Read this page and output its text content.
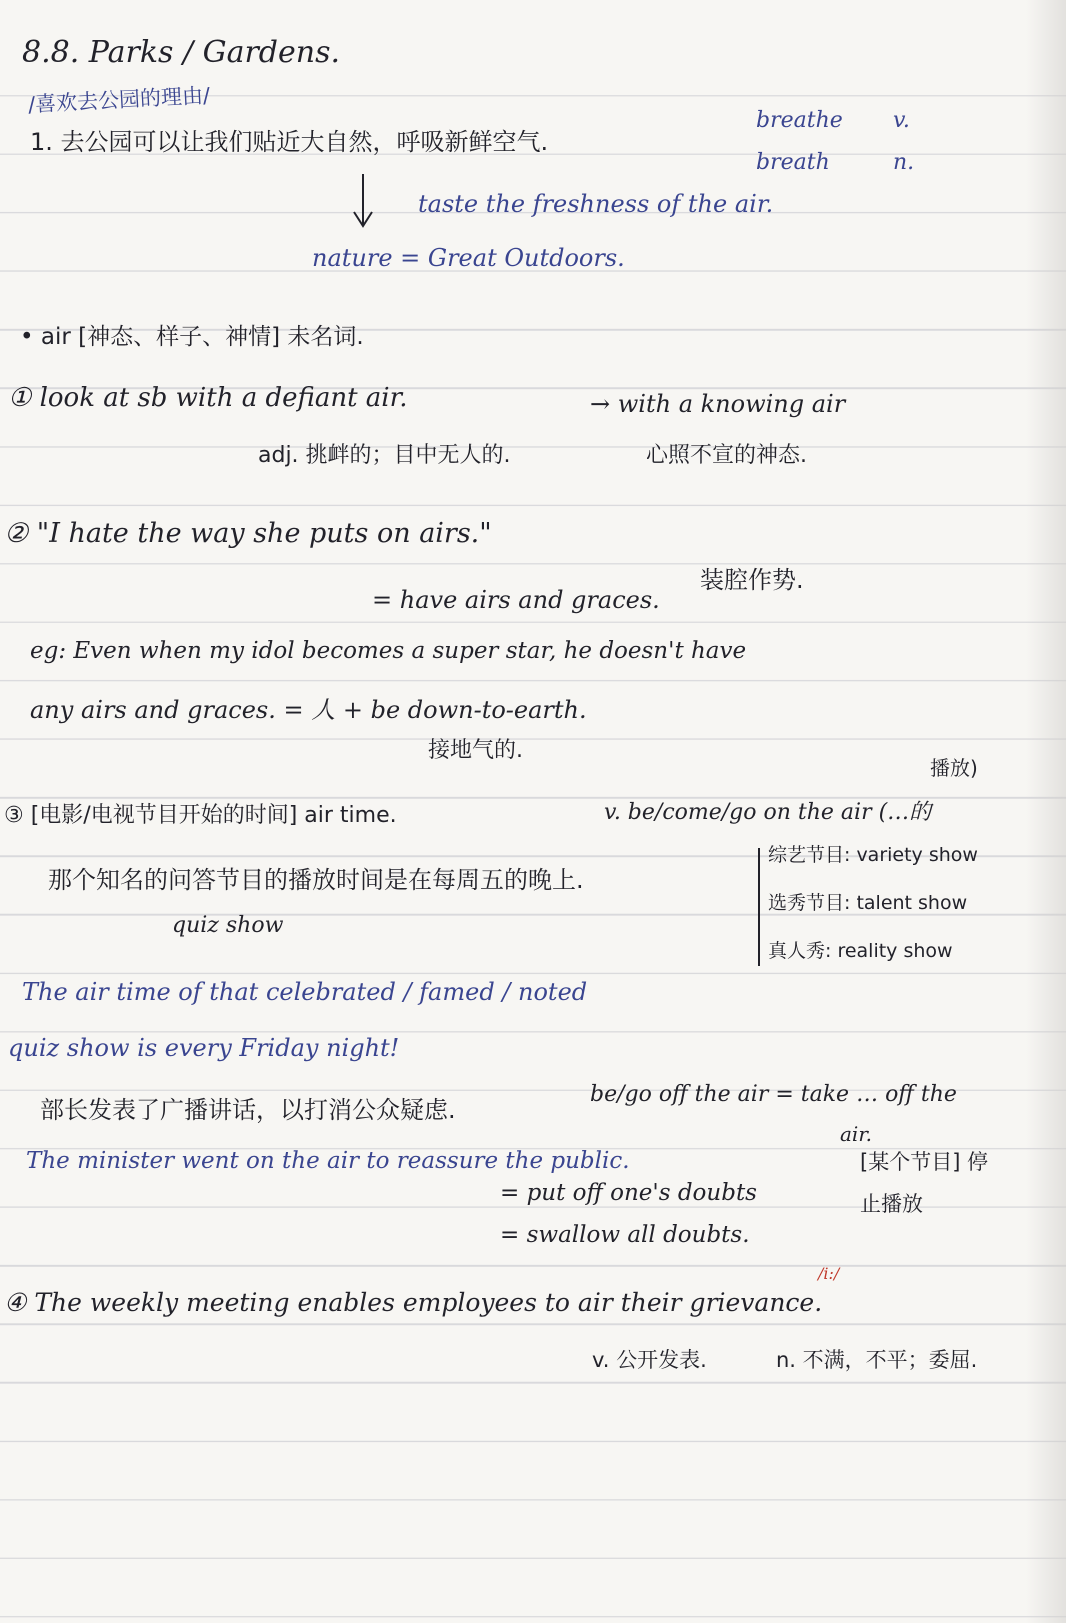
8.8. Parks / Gardens.
/喜欢去公园的理由/
1. 去公园可以让我们贴近大自然，呼吸新鲜空气.
breathe v.
breath	n.
taste the freshness of the air.
nature = Great Outdoors.
• air [神态、样子、神情] 未名词.
① look at sb with a defiant air.	→ with a knowing air
adj. 挑衅的；目中无人的.	心照不宣的神态.
② "I hate the way she puts on airs."
装腔作势.
= have airs and graces.
eg: Even when my idol becomes a super star, he doesn't have
any airs and graces. = 人 + be down-to-earth.
接地气的.
播放)
③ [电影/电视节目开始的时间] air time.	v. be/come/go on the air (…的
那个知名的问答节目的播放时间是在每周五的晚上.
quiz show
综艺节目: variety show
选秀节目: talent show
真人秀: reality show
The air time of that celebrated / famed / noted
quiz show is every Friday night!
部长发表了广播讲话，以打消公众疑虑.
be/go off the air = take … off the
air.
[某个节目] 停
止播放
The minister went on the air to reassure the public.
= put off one's doubts
= swallow all doubts.
/i:/
④ The weekly meeting enables employees to air their grievance.
v. 公开发表.	n. 不满，不平；委屈.
